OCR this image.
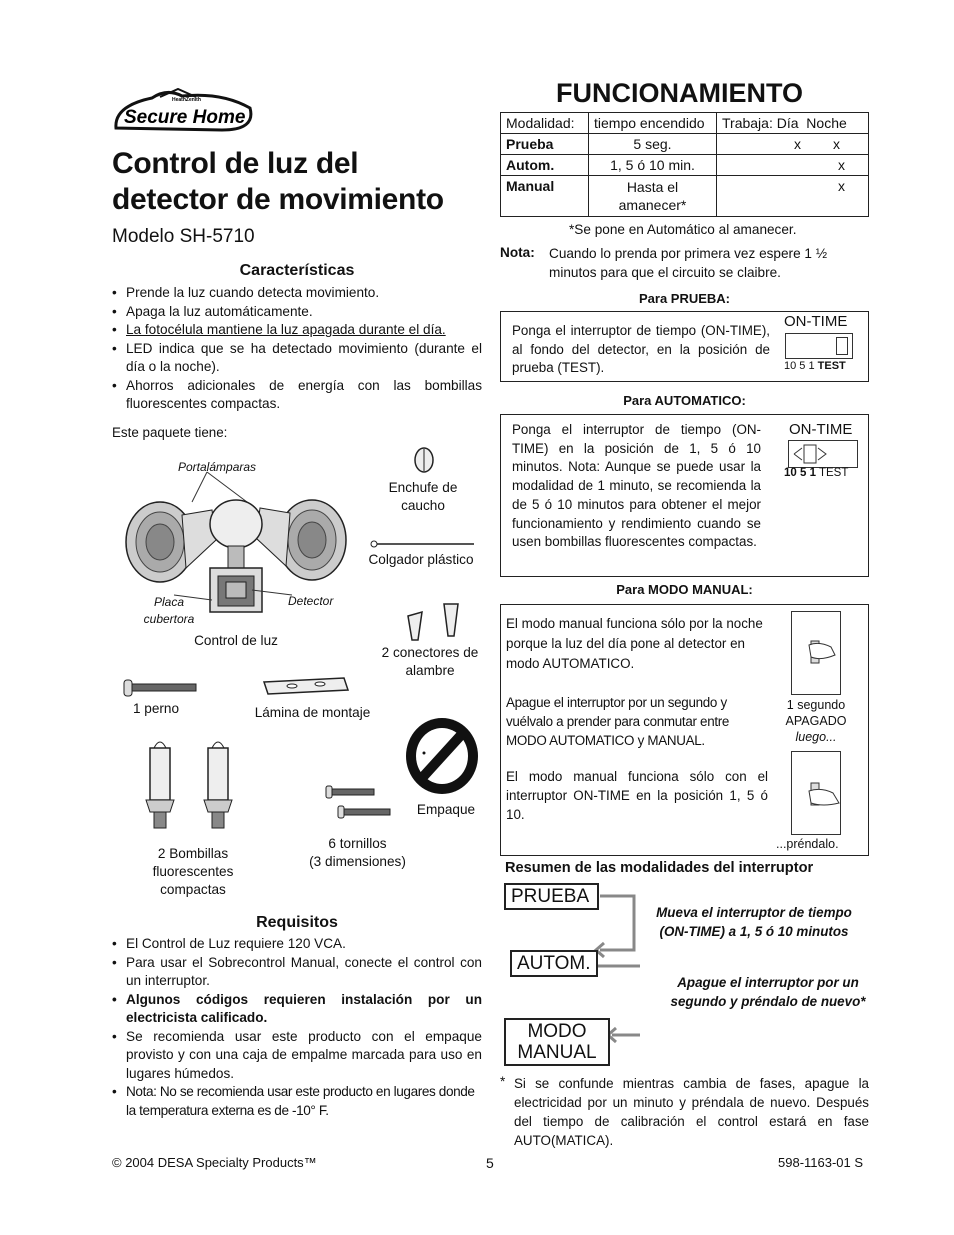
HeathZenith
Secure Home
Control de luz del
detector de movimiento
Modelo SH-5710
Características
• Prende la luz cuando detecta movimiento.
• Apaga la luz automáticamente.
• La fotocélula mantiene la luz apagada durante el día.
• LED indica que se ha detectado movimiento (durante el día o la noche).
• Ahorros adicionales de energía con las bombillas fluorescentes compactas.
Este paquete tiene:
Portalámparas
Enchufe de caucho
Colgador plástico
Placa cubertora
Detector
Control de luz
2 conectores de alambre
1 perno	Lámina de montaje
Empaque
6 tornillos
(3 dimensiones)
2 Bombillas fluorescentes compactas
Requisitos
• El Control de Luz requiere 120 VCA.
• Para usar el Sobrecontrol Manual, conecte el control con un interruptor.
• Algunos códigos requieren instalación por un electricista calificado.
• Se recomienda usar este producto con el empaque provisto y con una caja de empalme marcada para uso en lugares húmedos.
• Nota: No se recomienda usar este producto en lugares donde la temperatura externa es de -10° F.
FUNCIONAMIENTO
Modalidad:	tiempo encendido	Trabaja: Día  Noche
Prueba	5 seg.	x x
Autom.	1, 5 ó 10 min.	x
Manual	Hasta el amanecer*	x
*Se pone en Automático al amanecer.
Nota: Cuando lo prenda por primera vez espere 1 ½ minutos para que el circuito se claibre.
Para PRUEBA:
Ponga el interruptor de tiempo (ON-TIME), al fondo del detector, en la posición de prueba (TEST).
ON-TIME
10 5 1 TEST
Para AUTOMATICO:
Ponga el interruptor de tiempo (ON-TIME) en la posición de 1, 5 ó 10 minutos. Nota: Aunque se puede usar la modalidad de 1 minuto, se recomienda la de 5 ó 10 minutos para obtener el mejor funcionamiento y rendimiento cuando se usen bombillas fluorescentes compactas.
ON-TIME
10 5 1 TEST
Para MODO MANUAL:
El modo manual funciona sólo por la noche porque la luz del día pone al detector en modo AUTOMATICO.
Apague el interruptor por un segundo y vuélvalo a prender para conmutar entre MODO AUTOMATICO y MANUAL.
El modo manual funciona sólo con el interruptor ON-TIME en la posición 1, 5 ó 10.
1 segundo
APAGADO
luego...
...préndalo.
Resumen de las modalidades del interruptor
PRUEBA
AUTOM.
MODO
MANUAL
Mueva el interruptor de tiempo (ON-TIME) a 1, 5 ó 10 minutos
Apague el interruptor por un segundo y préndalo de nuevo*
* Si se confunde mientras cambia de fases, apague la electricidad por un minuto y préndala de nuevo. Después del tiempo de calibración el control estará en fase AUTO(MATICA).
© 2004 DESA Specialty Products™	5	598-1163-01 S
